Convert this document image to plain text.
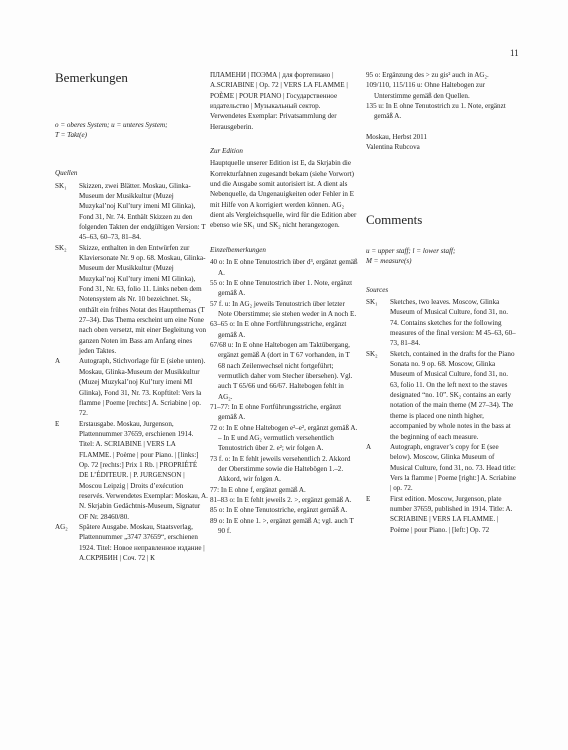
11
Bemerkungen

o = oberes System; u = unteres System;

T = Takt(e)

Quellen

SK₁	Skizzen, zwei Blätter. Moskau, Glinka-Museum der Musikkultur (Muzej Muzykal’noj Kul’tury imeni MI Glinka), Fond 31, Nr. 74. Enthält Skizzen zu den folgenden Takten der endgültigen Version: T 45–63, 60–73, 81–84.
SK₂	Skizze, enthalten in den Entwürfen zur Klaviersonate Nr. 9 op. 68. Moskau, Glinka-Museum der Musikkultur (Muzej Muzykal’noj Kul’tury imeni MI Glinka), Fond 31, Nr. 63, folio 11. Links neben dem Notensystem als Nr. 10 bezeichnet. Sk₂ enthält ein frühes Notat des Hauptthemas (T 27–34). Das Thema erscheint um eine None nach oben versetzt, mit einer Begleitung von ganzen Noten im Bass am Anfang eines jeden Taktes.
A	Autograph, Stichvorlage für E (siehe unten). Moskau, Glinka-Museum der Musikkultur (Muzej Muzykal’noj Kul’tury imeni MI Glinka), Fond 31, Nr. 73. Kopftitel: Vers la flamme | Poeme [rechts:] A. Scriabine | op. 72.
E	Erstausgabe. Moskau, Jurgenson, Plattennummer 37659, erschienen 1914. Titel: A. SCRIABINE | VERS LA FLAMME. | Poème | pour Piano. | [links:] Op. 72 [rechts:] Prix 1 Rb. | PROPRIÉTÉ DE L’ÉDITEUR. | P. JURGENSON | Moscou Leipzig | Droits d’exécution reservés. Verwendetes Exemplar: Moskau, A. N. Skrjabin Gedächtnis-Museum, Signatur OF Nr. 28460/80.
AG₂	Spätere Ausgabe. Moskau, Staatsverlag, Plattennummer „3747 37659“, erschienen 1924. Titel: Новое неправленное издание | А.СКРЯБИН | Соч. 72 | К

ПЛАМЕНИ | ПОЭМА | для фортепиано | A.SCRIABINE | Op. 72 | VERS LA FLAMME | POÈME | POUR PIANO | Государственное издательство | Музыкальный сектор. Verwendetes Exemplar: Privatsammlung der Herausgeberin.

Zur Edition

Hauptquelle unserer Edition ist E, da Skrjabin die Korrekturfahnen zugesandt bekam (siehe Vorwort) und die Ausgabe somit autorisiert ist. A dient als Nebenquelle, da Ungenauigkeiten oder Fehler in E mit Hilfe von A korrigiert werden können. AG₂ dient als Vergleichsquelle, wird für die Edition aber ebenso wie SK₁ und SK₂ nicht herangezogen.

Einzelbemerkungen

40 o: In E ohne Tenutostrich über d³, ergänzt gemäß A.

55 o: In E ohne Tenutostrich über 1. Note, ergänzt gemäß A.

57 f. u: In AG₂ jeweils Tenutostrich über letzter Note Oberstimme; sie stehen weder in A noch E.

63–65 o: In E ohne Fortführungsstriche, ergänzt gemäß A.

67/68 u: In E ohne Haltebogen am Taktübergang, ergänzt gemäß A (dort in T 67 vorhanden, in T 68 nach Zeilenwechsel nicht fortgeführt; vermutlich daher vom Stecher übersehen). Vgl. auch T 65/66 und 66/67. Haltebogen fehlt in AG₂.

71–77: In E ohne Fortführungsstriche, ergänzt gemäß A.

72 o: In E ohne Haltebogen e²–e², ergänzt gemäß A. – In E und AG₂ vermutlich versehentlich Tenutostrich über 2. e²; wir folgen A.

73 f. o: In E fehlt jeweils versehentlich 2. Akkord der Oberstimme sowie die Haltebögen 1.–2. Akkord, wir folgen A.

77: In E ohne f, ergänzt gemäß A.

81–83 o: In E fehlt jeweils 2. >, ergänzt gemäß A.

85 o: In E ohne Tenutostriche, ergänzt gemäß A.

89 o: In E ohne 1. >, ergänzt gemäß A; vgl. auch T 90 f.

95 o: Ergänzung des > zu gis² auch in AG₂.

109/110, 115/116 u: Ohne Haltebogen zur Unterstimme gemäß den Quellen.

135 u: In E ohne Tenutostrich zu 1. Note, ergänzt gemäß A.

Moskau, Herbst 2011

Valentina Rubcova

Comments

u = upper staff; l = lower staff;

M = measure(s)

Sources

SK₁	Sketches, two leaves. Moscow, Glinka Museum of Musical Culture, fond 31, no. 74. Contains sketches for the following measures of the final version: M 45–63, 60–73, 81–84.
SK₂	Sketch, contained in the drafts for the Piano Sonata no. 9 op. 68. Moscow, Glinka Museum of Musical Culture, fond 31, no. 63, folio 11. On the left next to the staves designated “no. 10”. SK₂ contains an early notation of the main theme (M 27–34). The theme is placed one ninth higher, accompanied by whole notes in the bass at the beginning of each measure.
A	Autograph, engraver’s copy for E (see below). Moscow, Glinka Museum of Musical Culture, fond 31, no. 73. Head title: Vers la flamme | Poeme [right:] A. Scriabine | op. 72.
E	First edition. Moscow, Jurgenson, plate number 37659, published in 1914. Title: A. SCRIABINE | VERS LA FLAMME. | Poème | pour Piano. | [left:] Op. 72
